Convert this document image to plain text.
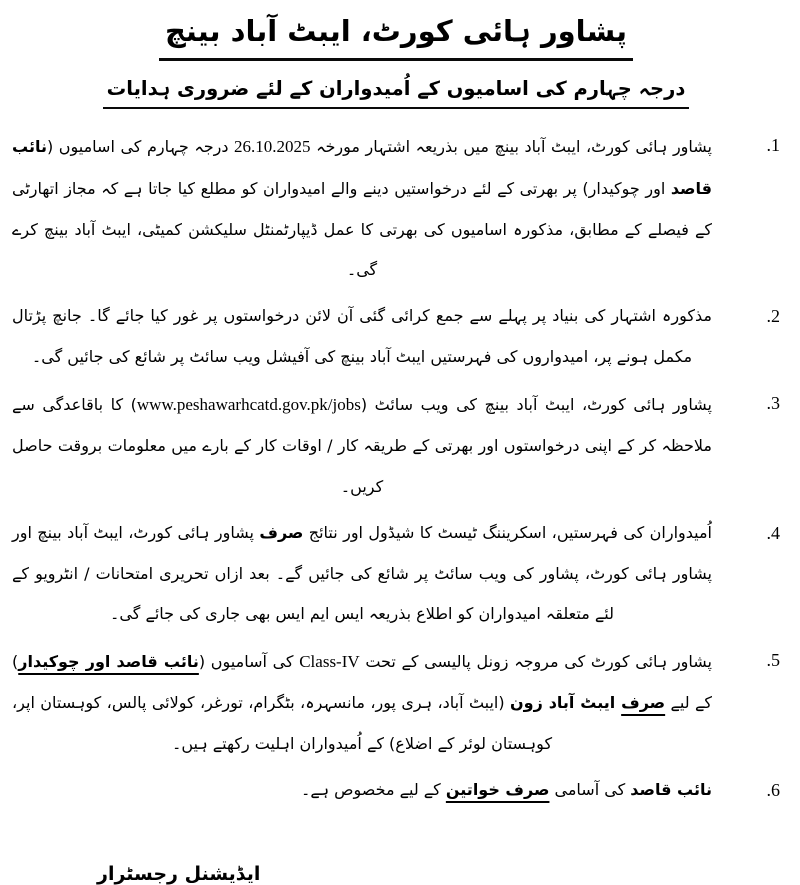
پشاور ہائی کورٹ، ایبٹ آباد بینچ
درجہ چہارم کی اسامیوں کے اُمیدواران کے لئے ضروری ہدایات
1.
پشاور ہائی کورٹ، ایبٹ آباد بینچ میں بذریعہ اشتہار مورخہ 26.10.2025 درجہ چہارم کی اسامیوں (نائب قاصد اور چوکیدار) پر بھرتی کے لئے درخواستیں دینے والے امیدواران کو مطلع کیا جاتا ہے کہ مجاز اتھارٹی کے فیصلے کے مطابق، مذکورہ اسامیوں کی بھرتی کا عمل ڈیپارٹمنٹل سلیکشن کمیٹی، ایبٹ آباد بینچ کرے گی۔
2.
مذکورہ اشتہار کی بنیاد پر پہلے سے جمع کرائی گئی آن لائن درخواستوں پر غور کیا جائے گا۔ جانچ پڑتال مکمل ہونے پر، امیدواروں کی فہرستیں ایبٹ آباد بینچ کی آفیشل ویب سائٹ پر شائع کی جائیں گی۔
3.
پشاور ہائی کورٹ، ایبٹ آباد بینچ کی ویب سائٹ (www.peshawarhcatd.gov.pk/jobs) کا باقاعدگی سے ملاحظہ کر کے اپنی درخواستوں اور بھرتی کے طریقہ کار / اوقات کار کے بارے میں معلومات بروقت حاصل کریں۔
4.
اُمیدواران کی فہرستیں، اسکریننگ ٹیسٹ کا شیڈول اور نتائج صرف پشاور ہائی کورٹ، ایبٹ آباد بینچ اور پشاور ہائی کورٹ، پشاور کی ویب سائٹ پر شائع کی جائیں گے۔ بعد ازاں تحریری امتحانات / انٹرویو کے لئے متعلقہ امیدواران کو اطلاع بذریعہ ایس ایم ایس بھی جاری کی جائے گی۔
5.
پشاور ہائی کورٹ کی مروجہ زونل پالیسی کے تحت Class-IV کی آسامیوں (نائب قاصد اور چوکیدار) کے لیے صرف ایبٹ آباد زون (ایبٹ آباد، ہری پور، مانسہرہ، بٹگرام، تورغر، کولائی پالس، کوہستان اپر، کوہستان لوئر کے اضلاع) کے اُمیدواران اہلیت رکھتے ہیں۔
6.
نائب قاصد کی آسامی صرف خواتین کے لیے مخصوص ہے۔
ایڈیشنل رجسٹرار
